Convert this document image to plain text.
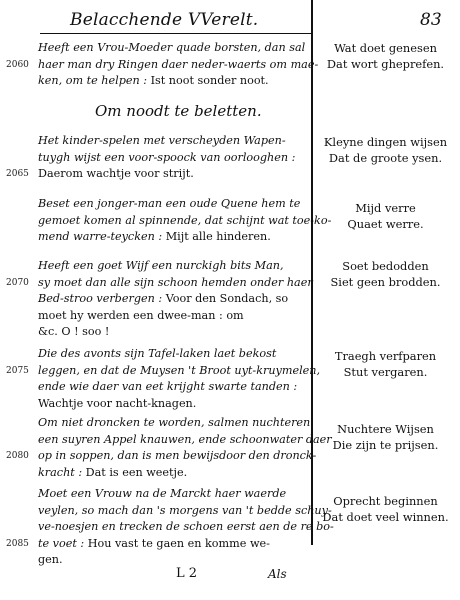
Belacchende VVerelt.	83
Heeft een Vrou-Moeder quade borsten, dan sal
2060 haer man dry Ringen daer neder-waerts om mae-
ken, om te helpen : Ist noot sonder noot.
Om noodt te beletten.
Het kinder-spelen met verscheyden Wapen-
tuygh wijst een voor-spoock van oorlooghen :
2065 Daerom wachtje voor strijt.
Beset een jonger-man een oude Quene hem te
gemoet komen al spinnende, dat schijnt wat toe-ko-
mend warre-teycken : Mijt alle hinderen.
Heeft een goet Wijf een nurckigh bits Man,
2070 sy moet dan alle sijn schoon hemden onder haer
Bed-stroo verbergen : Voor den Sondach, so
moet hy werden een dwee-man : om
&c. O ! soo !
Die des avonts sijn Tafel-laken laet bekost
2075 leggen, en dat de Muysen 't Broot uyt-kruymelen,
ende wie daer van eet krijght swarte tanden :
Wachtje voor nacht-knagen.
Om niet droncken te worden, salmen nuchteren
een suyren Appel knauwen, ende schoonwater daer
2080 op in soppen, dan is men bewijsdoor den dronck-
kracht : Dat is een weetje.
Moet een Vrouw na de Marckt haer waerde
veylen, so mach dan 's morgens van 't bedde schuy-
ve-noesjen en trecken de schoen eerst aen de re bo-
2085 te voet : Hou vast te gaen en komme we-
gen.
Wat doet genesen
Dat wort gheprefen.
Kleyne dingen wijsen
Dat de groote ysen.
Mijd verre
Quaet werre.
Soet bedodden
Siet geen brodden.
Traegh verfparen
Stut vergaren.
Nuchtere Wijsen
Die zijn te prijsen.
Oprecht beginnen
Dat doet veel winnen.
L 2	Als
